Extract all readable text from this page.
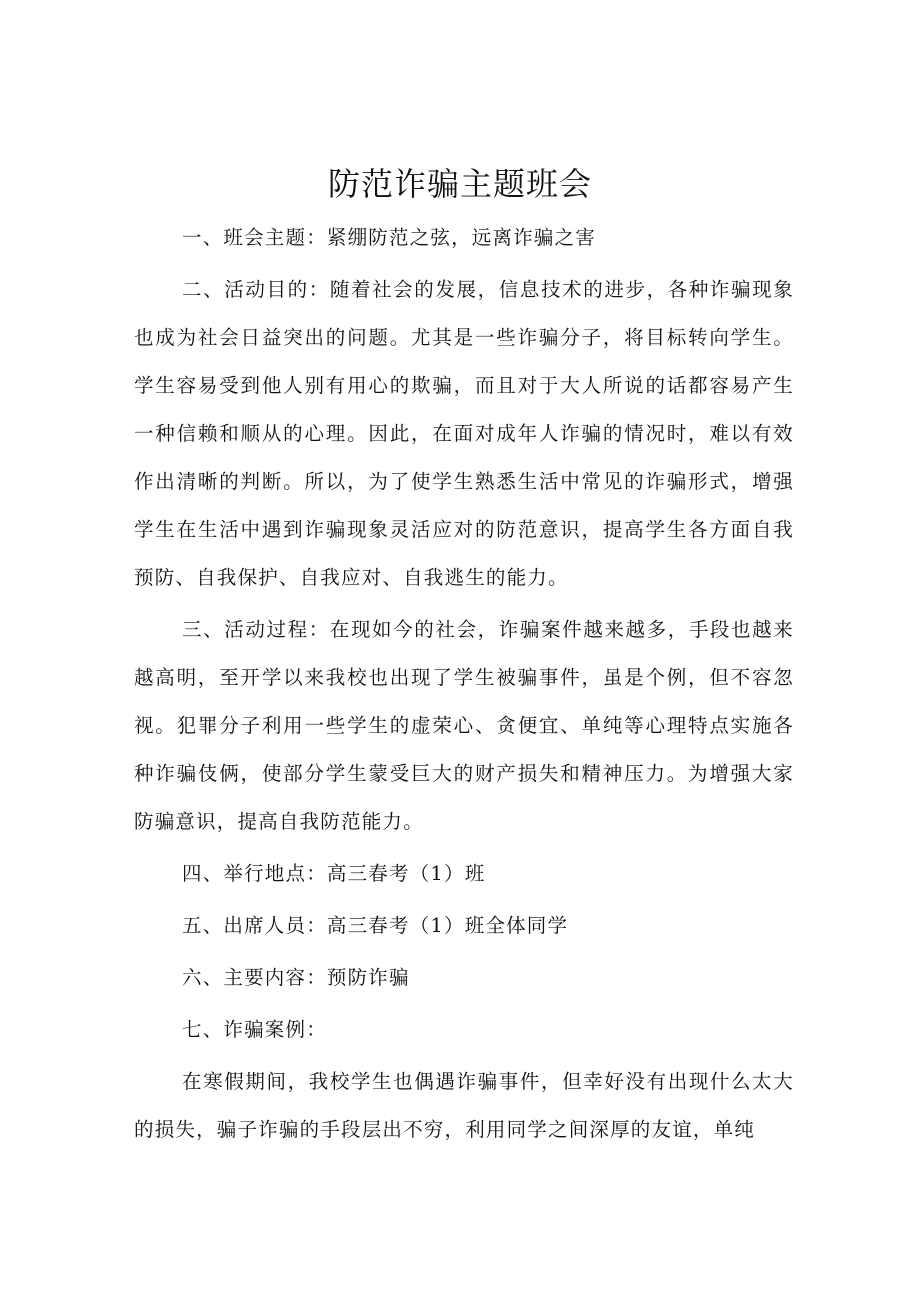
防范诈骗主题班会

一、班会主题：紧绷防范之弦，远离诈骗之害

二、活动目的：随着社会的发展，信息技术的进步，各种诈骗现象也成为社会日益突出的问题。尤其是一些诈骗分子，将目标转向学生。学生容易受到他人别有用心的欺骗，而且对于大人所说的话都容易产生一种信赖和顺从的心理。因此，在面对成年人诈骗的情况时，难以有效作出清晰的判断。所以，为了使学生熟悉生活中常见的诈骗形式，增强学生在生活中遇到诈骗现象灵活应对的防范意识，提高学生各方面自我预防、自我保护、自我应对、自我逃生的能力。

三、活动过程：在现如今的社会，诈骗案件越来越多，手段也越来越高明，至开学以来我校也出现了学生被骗事件，虽是个例，但不容忽视。犯罪分子利用一些学生的虚荣心、贪便宜、单纯等心理特点实施各种诈骗伎俩，使部分学生蒙受巨大的财产损失和精神压力。为增强大家防骗意识，提高自我防范能力。

四、举行地点：高三春考（1）班

五、出席人员：高三春考（1）班全体同学

六、主要内容：预防诈骗

七、诈骗案例：

在寒假期间，我校学生也偶遇诈骗事件，但幸好没有出现什么太大的损失，骗子诈骗的手段层出不穷，利用同学之间深厚的友谊，单纯
